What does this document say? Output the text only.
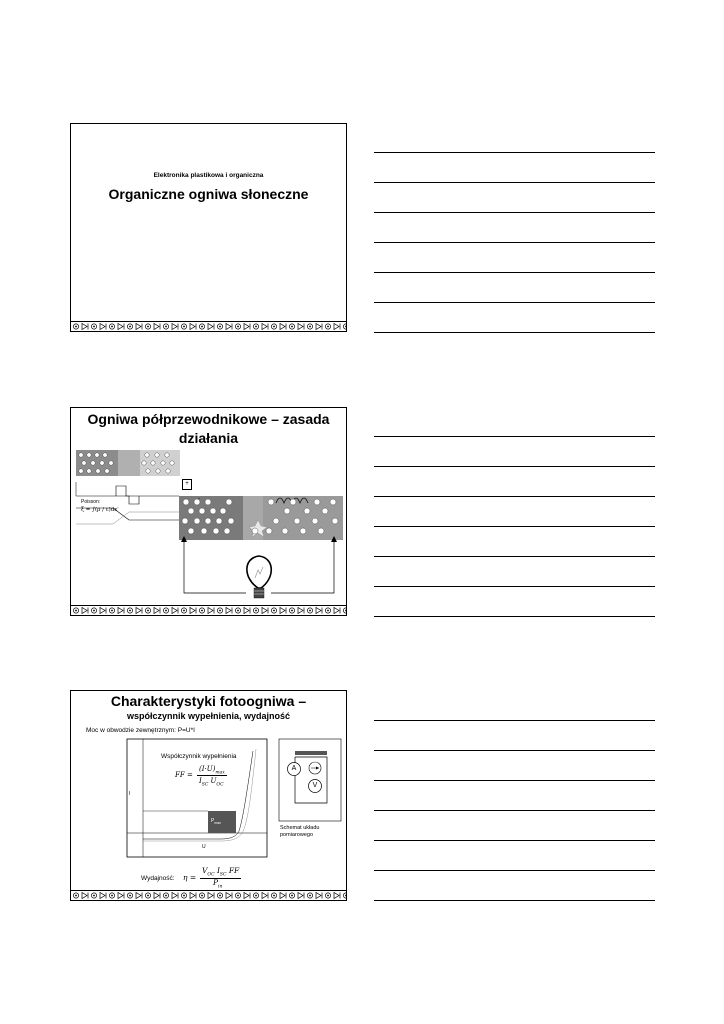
Elektronika plastikowa i organiczna
Organiczne ogniwa słoneczne
Ogniwa półprzewodnikowe – zasada działania
+
-
Poisson:
ξ = ∫(ρ / ε)dx′
Charakterystyki fotoogniwa –
współczynnik wypełnienia, wydajność
Moc w obwodzie zewnętrznym: P=U*I
Współczynnik wypełnienia
FF =
$(I\cdot U)_{max}$
$I_{SC}$ $U_{OC}$
$P_{max}$
I
U
A
V
Schemat układu
pomiarowego
Wydajność: η =
$V_{OC}$ $I_{SC}$ FF
$P_{in}$
